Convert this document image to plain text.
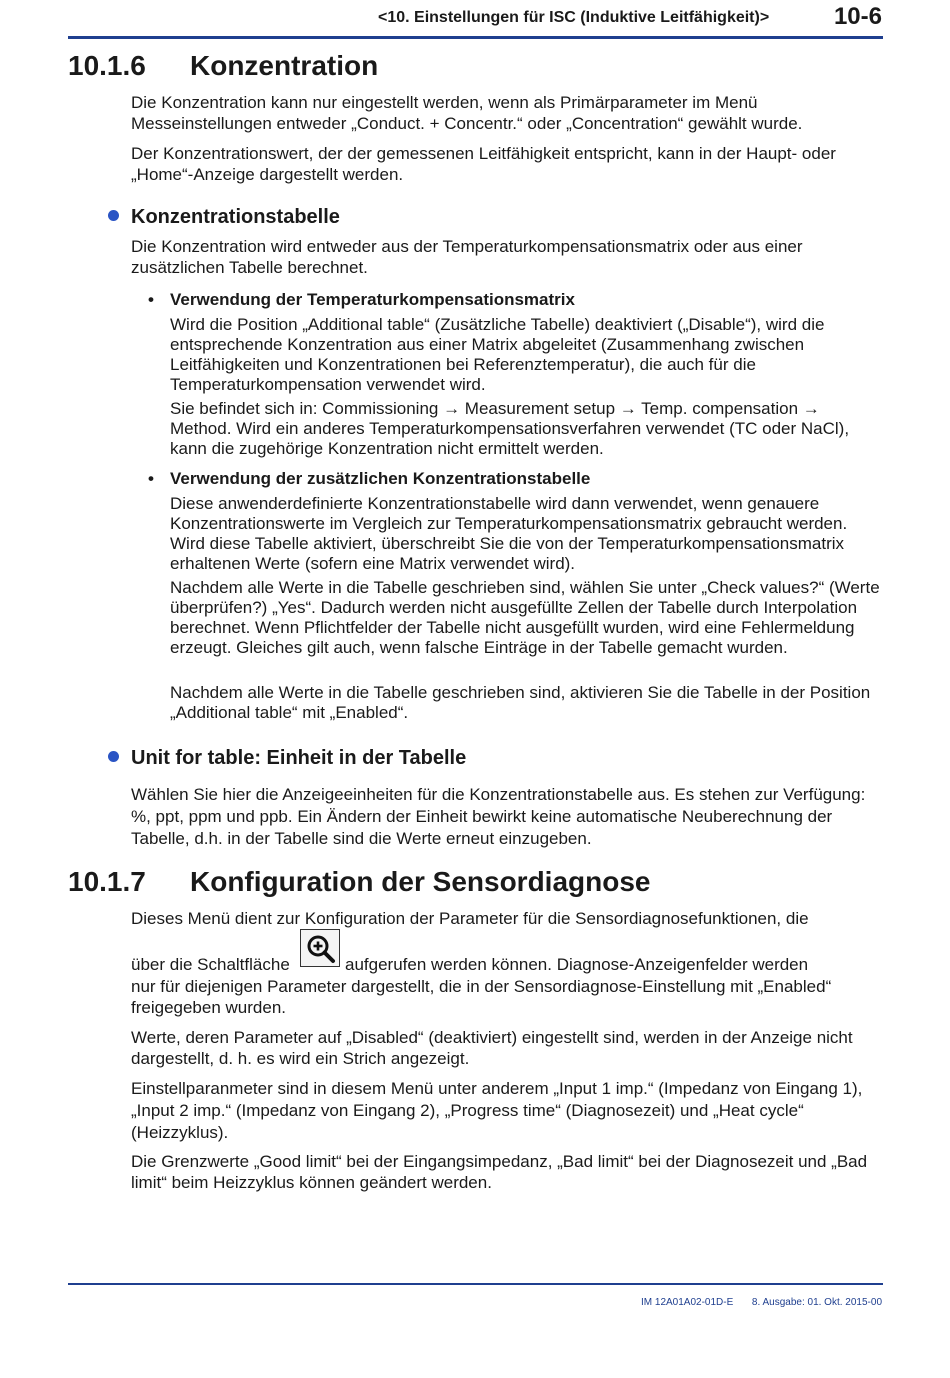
<10. Einstellungen für ISC (Induktive Leitfähigkeit)>	10-6
10.1.6 Konzentration

Die Konzentration kann nur eingestellt werden, wenn als Primärparameter im Menü Messeinstellungen entweder „Conduct. + Concentr.“ oder „Concentration“ gewählt wurde.

Der Konzentrationswert, der der gemessenen Leitfähigkeit entspricht, kann in der Haupt- oder „Home“-Anzeige dargestellt werden.

Konzentrationstabelle

Die Konzentration wird entweder aus der Temperaturkompensationsmatrix oder aus einer zusätzlichen Tabelle berechnet.

• Verwendung der Temperaturkompensationsmatrix

Wird die Position „Additional table“ (Zusätzliche Tabelle) deaktiviert („Disable“), wird die entsprechende Konzentration aus einer Matrix abgeleitet (Zusammenhang zwischen Leitfähigkeiten und Konzentrationen bei Referenztemperatur), die auch für die Temperaturkompensation verwendet wird.

Sie befindet sich in: Commissioning → Measurement setup → Temp. compensation → Method. Wird ein anderes Temperaturkompensationsverfahren verwendet (TC oder NaCl), kann die zugehörige Konzentration nicht ermittelt werden.

• Verwendung der zusätzlichen Konzentrationstabelle

Diese anwenderdefinierte Konzentrationstabelle wird dann verwendet, wenn genauere Konzentrationswerte im Vergleich zur Temperaturkompensationsmatrix gebraucht werden. Wird diese Tabelle aktiviert, überschreibt Sie die von der Temperaturkompensationsmatrix erhaltenen Werte (sofern eine Matrix verwendet wird).

Nachdem alle Werte in die Tabelle geschrieben sind, wählen Sie unter „Check values?“ (Werte überprüfen?) „Yes“. Dadurch werden nicht ausgefüllte Zellen der Tabelle durch Interpolation berechnet. Wenn Pflichtfelder der Tabelle nicht ausgefüllt wurden, wird eine Fehlermeldung erzeugt. Gleiches gilt auch, wenn falsche Einträge in der Tabelle gemacht wurden.

Nachdem alle Werte in die Tabelle geschrieben sind, aktivieren Sie die Tabelle in der Position „Additional table“ mit „Enabled“.

Unit for table: Einheit in der Tabelle

Wählen Sie hier die Anzeigeeinheiten für die Konzentrationstabelle aus. Es stehen zur Verfügung: %, ppt, ppm und ppb. Ein Ändern der Einheit bewirkt keine automatische Neuberechnung der Tabelle, d.h. in der Tabelle sind die Werte erneut einzugeben.

10.1.7 Konfiguration der Sensordiagnose

Dieses Menü dient zur Konfiguration der Parameter für die Sensordiagnosefunktionen, die

über die Schaltfläche	aufgerufen werden können. Diagnose-Anzeigenfelder werden

nur für diejenigen Parameter dargestellt, die in der Sensordiagnose-Einstellung mit „Enabled“ freigegeben wurden.

Werte, deren Parameter auf „Disabled“ (deaktiviert) eingestellt sind, werden in der Anzeige nicht dargestellt, d. h. es wird ein Strich angezeigt.

Einstellparanmeter sind in diesem Menü unter anderem „Input 1 imp.“ (Impedanz von Eingang 1), „Input 2 imp.“ (Impedanz von Eingang 2), „Progress time“ (Diagnosezeit) und „Heat cycle“ (Heizzyklus).

Die Grenzwerte „Good limit“ bei der Eingangsimpedanz, „Bad limit“ bei der Diagnosezeit und „Bad limit“ beim Heizzyklus können geändert werden.

IM 12A01A02-01D-E 8. Ausgabe: 01. Okt. 2015-00
